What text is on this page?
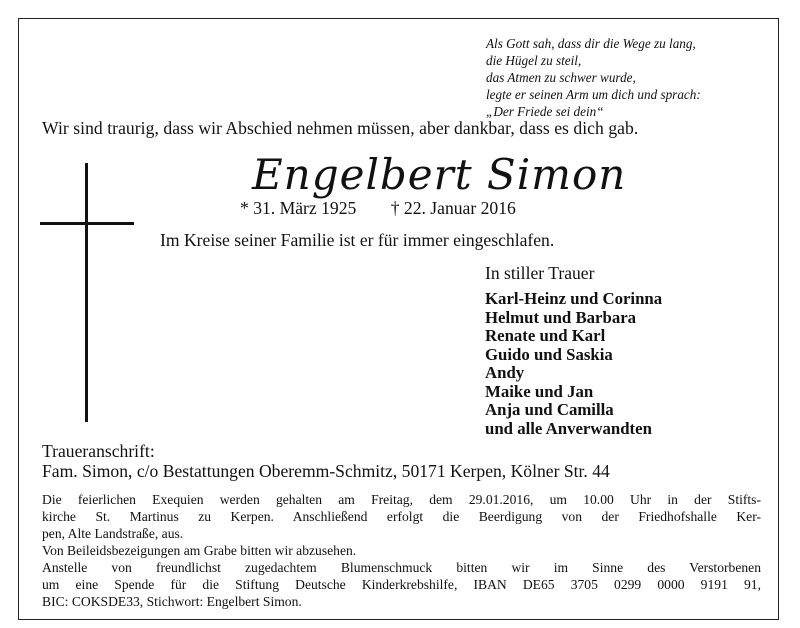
Als Gott sah, dass dir die Wege zu lang,
die Hügel zu steil,
das Atmen zu schwer wurde,
legte er seinen Arm um dich und sprach:
„Der Friede sei dein“
Wir sind traurig, dass wir Abschied nehmen müssen, aber dankbar, dass es dich gab.
Engelbert Simon
* 31. März 1925 † 22. Januar 2016
Im Kreise seiner Familie ist er für immer eingeschlafen.
In stiller Trauer
Karl-Heinz und Corinna
Helmut und Barbara
Renate und Karl
Guido und Saskia
Andy
Maike und Jan
Anja und Camilla
und alle Anverwandten
Traueranschrift:
Fam. Simon, c/o Bestattungen Oberemm-Schmitz, 50171 Kerpen, Kölner Str. 44
Die feierlichen Exequien werden gehalten am Freitag, dem 29.01.2016, um 10.00 Uhr in der Stifts-
kirche St. Martinus zu Kerpen. Anschließend erfolgt die Beerdigung von der Friedhofshalle Ker-
pen, Alte Landstraße, aus.
Von Beileidsbezeigungen am Grabe bitten wir abzusehen.
Anstelle von freundlichst zugedachtem Blumenschmuck bitten wir im Sinne des Verstorbenen
um eine Spende für die Stiftung Deutsche Kinderkrebshilfe, IBAN DE65 3705 0299 0000 9191 91,
BIC: COKSDE33, Stichwort: Engelbert Simon.
